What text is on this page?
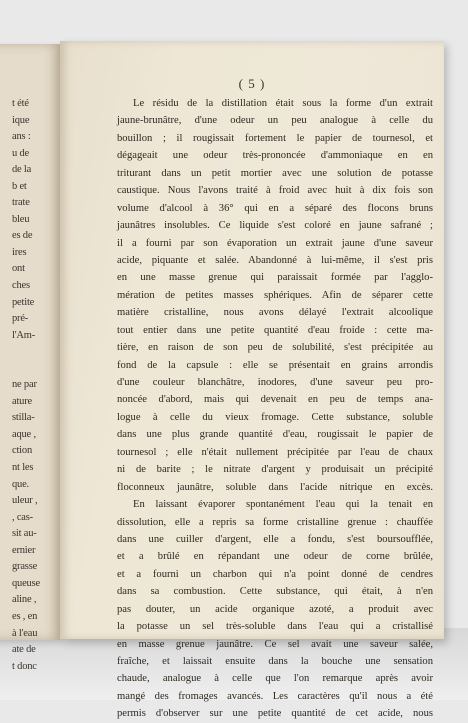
t été
ique
ans :
u de
de la
b et
trate
bleu
es de
ires
ont
ches
petite
pré-
l'Am-
ne par
ature
stilla-
aque ,
ction
nt les
que.
uleur ,
, cas-
sit au-
ernier
grasse
queuse
aline ,
es , en
à l'eau
ate de
t donc
( 5 )
Le résidu de la distillation était sous la forme d'un extrait
jaune-brunâtre, d'une odeur un peu analogue à celle du
bouillon ; il rougissait fortement le papier de tournesol, et
dégageait une odeur très-prononcée d'ammoniaque en en
triturant dans un petit mortier avec une solution de potasse
caustique. Nous l'avons traité à froid avec huit à dix fois son
volume d'alcool à 36° qui en a séparé des flocons bruns
jaunâtres insolubles. Ce liquide s'est coloré en jaune safrané ;
il a fourni par son évaporation un extrait jaune d'une saveur
acide, piquante et salée. Abandonné à lui-même, il s'est pris
en une masse grenue qui paraissait formée par l'agglo-
mération de petites masses sphériques. Afin de séparer cette
matière cristalline, nous avons délayé l'extrait alcoolique
tout entier dans une petite quantité d'eau froide : cette ma-
tière, en raison de son peu de solubilité, s'est précipitée au
fond de la capsule : elle se présentait en grains arrondis
d'une couleur blanchâtre, inodores, d'une saveur peu pro-
noncée d'abord, mais qui devenait en peu de temps ana-
logue à celle du vieux fromage. Cette substance, soluble
dans une plus grande quantité d'eau, rougissait le papier de
tournesol ; elle n'était nullement précipitée par l'eau de chaux
ni de barite ; le nitrate d'argent y produisait un précipité
floconneux jaunâtre, soluble dans l'acide nitrique en excès.
En laissant évaporer spontanément l'eau qui la tenait en
dissolution, elle a repris sa forme cristalline grenue : chauffée
dans une cuiller d'argent, elle a fondu, s'est boursoufflée,
et a brûlé en répandant une odeur de corne brûlée,
et a fourni un charbon qui n'a point donné de cendres
dans sa combustion. Cette substance, qui était, à n'en
pas douter, un acide organique azoté, a produit avec
la potasse un sel très-soluble dans l'eau qui a cristallisé
en masse grenue jaunâtre. Ce sel avait une saveur salée,
fraîche, et laissait ensuite dans la bouche une sensation
chaude, analogue à celle que l'on remarque après avoir
mangé des fromages avancés. Les caractères qu'il nous a été
permis d'observer sur une petite quantité de cet acide, nous
